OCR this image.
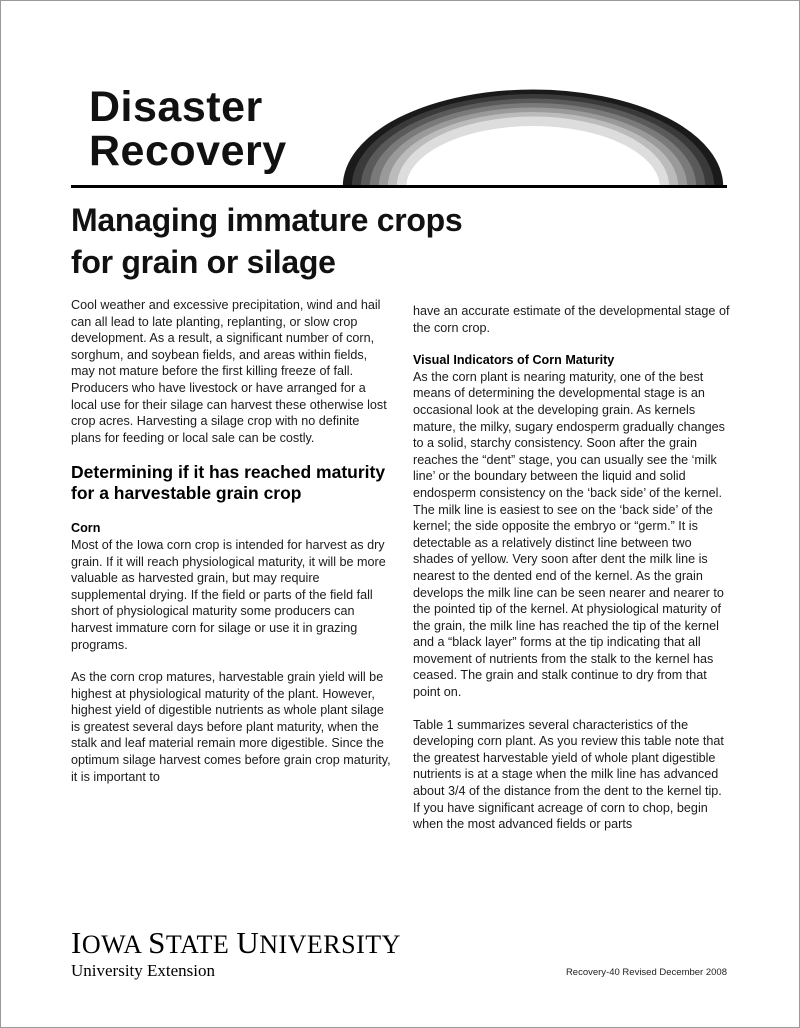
Disaster
Recovery
Managing immature crops
for grain or silage

Cool weather and excessive precipitation, wind and hail can all lead to late planting, replanting, or slow crop development. As a result, a significant number of corn, sorghum, and soybean fields, and areas within fields, may not mature before the first killing freeze of fall. Producers who have livestock or have arranged for a local use for their silage can harvest these otherwise lost crop acres. Harvesting a silage crop with no definite plans for feeding or local sale can be costly.

Determining if it has reached maturity for a harvestable grain crop
Corn

Most of the Iowa corn crop is intended for harvest as dry grain. If it will reach physiological maturity, it will be more valuable as harvested grain, but may require supplemental drying. If the field or parts of the field fall short of physiological maturity some producers can harvest immature corn for silage or use it in grazing programs.

As the corn crop matures, harvestable grain yield will be highest at physiological maturity of the plant. However, highest yield of digestible nutrients as whole plant silage is greatest several days before plant maturity, when the stalk and leaf material remain more digestible. Since the optimum silage harvest comes before grain crop maturity, it is important to

have an accurate estimate of the developmental stage of the corn crop.

Visual Indicators of Corn Maturity

As the corn plant is nearing maturity, one of the best means of determining the developmental stage is an occasional look at the developing grain. As kernels mature, the milky, sugary endosperm gradually changes to a solid, starchy consistency. Soon after the grain reaches the “dent” stage, you can usually see the ‘milk line’ or the boundary between the liquid and solid endosperm consistency on the ‘back side’ of the kernel. The milk line is easiest to see on the ‘back side’ of the kernel; the side opposite the embryo or “germ.” It is detectable as a relatively distinct line between two shades of yellow. Very soon after dent the milk line is nearest to the dented end of the kernel. As the grain develops the milk line can be seen nearer and nearer to the pointed tip of the kernel. At physiological maturity of the grain, the milk line has reached the tip of the kernel and a “black layer” forms at the tip indicating that all movement of nutrients from the stalk to the kernel has ceased. The grain and stalk continue to dry from that point on.

Table 1 summarizes several characteristics of the developing corn plant. As you review this table note that the greatest harvestable yield of whole plant digestible nutrients is at a stage when the milk line has advanced about 3/4 of the distance from the dent to the kernel tip. If you have significant acreage of corn to chop, begin when the most advanced fields or parts

IOWA STATE UNIVERSITY
University Extension	Recovery-40 Revised December 2008
